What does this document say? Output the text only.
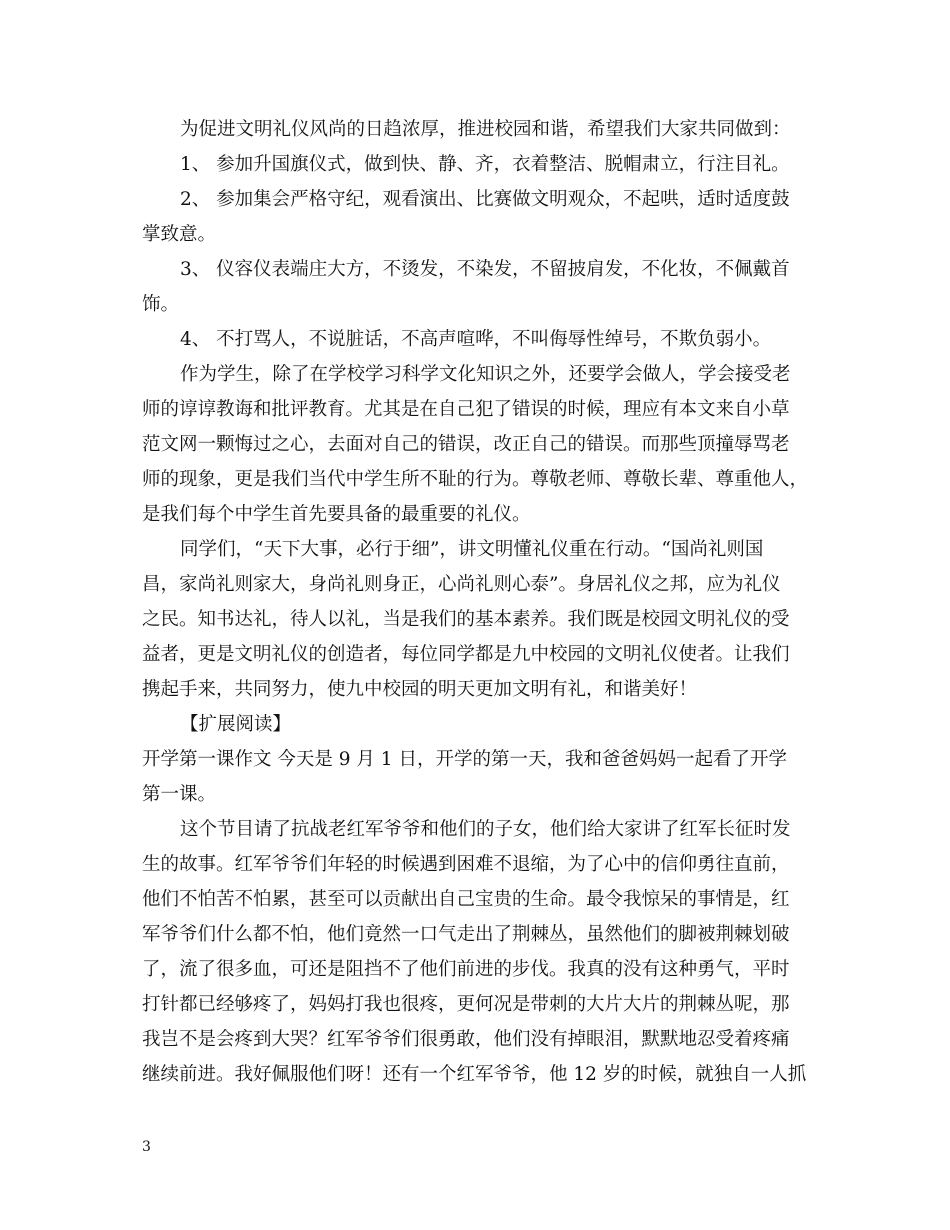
为促进文明礼仪风尚的日趋浓厚，推进校园和谐，希望我们大家共同做到：
1、 参加升国旗仪式，做到快、静、齐，衣着整洁、脱帽肃立，行注目礼。
2、 参加集会严格守纪，观看演出、比赛做文明观众，不起哄，适时适度鼓
掌致意。
3、 仪容仪表端庄大方，不烫发，不染发，不留披肩发，不化妆，不佩戴首
饰。
4、 不打骂人，不说脏话，不高声喧哗，不叫侮辱性绰号，不欺负弱小。
作为学生，除了在学校学习科学文化知识之外，还要学会做人，学会接受老
师的谆谆教诲和批评教育。尤其是在自己犯了错误的时候，理应有本文来自小草
范文网一颗悔过之心，去面对自己的错误，改正自己的错误。而那些顶撞辱骂老
师的现象，更是我们当代中学生所不耻的行为。尊敬老师、尊敬长辈、尊重他人，
是我们每个中学生首先要具备的最重要的礼仪。
同学们，“天下大事，必行于细”，讲文明懂礼仪重在行动。“国尚礼则国
昌，家尚礼则家大，身尚礼则身正，心尚礼则心泰”。身居礼仪之邦，应为礼仪
之民。知书达礼，待人以礼，当是我们的基本素养。我们既是校园文明礼仪的受
益者，更是文明礼仪的创造者，每位同学都是九中校园的文明礼仪使者。让我们
携起手来，共同努力，使九中校园的明天更加文明有礼，和谐美好！
【扩展阅读】
开学第一课作文 今天是 9 月 1 日，开学的第一天，我和爸爸妈妈一起看了开学
第一课。
这个节目请了抗战老红军爷爷和他们的子女，他们给大家讲了红军长征时发
生的故事。红军爷爷们年轻的时候遇到困难不退缩，为了心中的信仰勇往直前，
他们不怕苦不怕累，甚至可以贡献出自己宝贵的生命。最令我惊呆的事情是，红
军爷爷们什么都不怕，他们竟然一口气走出了荆棘丛，虽然他们的脚被荆棘划破
了，流了很多血，可还是阻挡不了他们前进的步伐。我真的没有这种勇气，平时
打针都已经够疼了，妈妈打我也很疼，更何况是带刺的大片大片的荆棘丛呢，那
我岂不是会疼到大哭？红军爷爷们很勇敢，他们没有掉眼泪，默默地忍受着疼痛
继续前进。我好佩服他们呀！还有一个红军爷爷，他 12 岁的时候，就独自一人抓
3
